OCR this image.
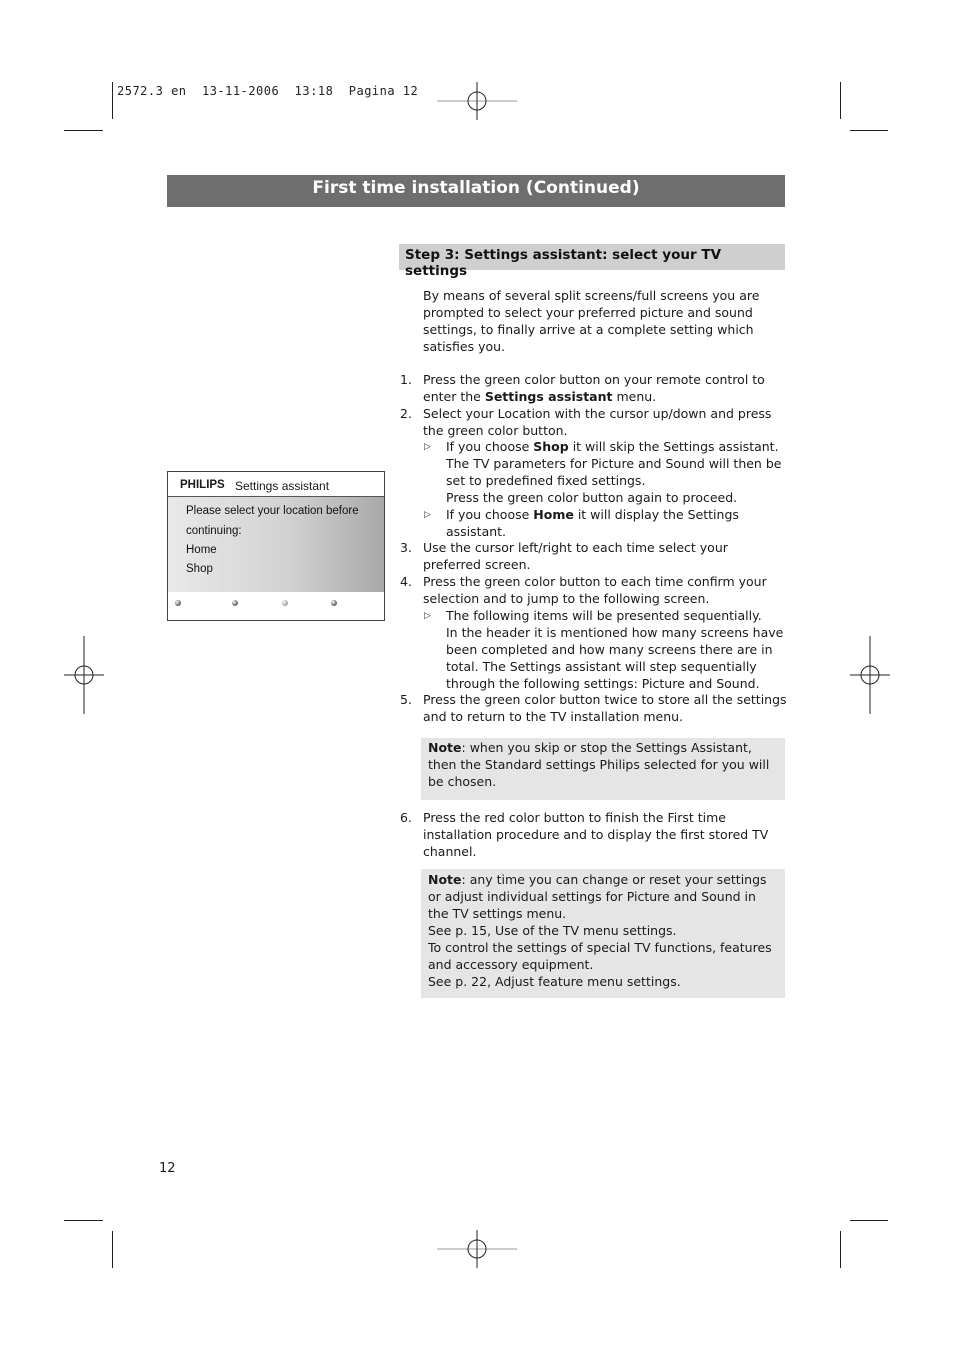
2572.3 en  13-11-2006  13:18  Pagina 12
First time installation (Continued)
Step 3: Settings assistant: select your TV settings
By means of several split screens/full screens you are prompted to select your preferred picture and sound settings, to finally arrive at a complete setting which satisfies you.
1. Press the green color button on your remote control to enter the Settings assistant menu.
2. Select your Location with the cursor up/down and press the green color button.
▷ If you choose Shop it will skip the Settings assistant. The TV parameters for Picture and Sound will then be set to predefined fixed settings.
Press the green color button again to proceed.
▷ If you choose Home it will display the Settings assistant.
3. Use the cursor left/right to each time select your preferred screen.
4. Press the green color button to each time confirm your selection and to jump to the following screen.
▷ The following items will be presented sequentially.
In the header it is mentioned how many screens have been completed and how many screens there are in total. The Settings assistant will step sequentially through the following settings: Picture and Sound.
5. Press the green color button twice to store all the settings and to return to the TV installation menu.
Note: when you skip or stop the Settings Assistant, then the Standard settings Philips selected for you will be chosen.
6. Press the red color button to finish the First time installation procedure and to display the first stored TV channel.
Note: any time you can change or reset your settings or adjust individual settings for Picture and Sound in the TV settings menu.
See p. 15, Use of the TV menu settings.
To control the settings of special TV functions, features and accessory equipment.
See p. 22, Adjust feature menu settings.
PHILIPS Settings assistant
Please select your location before
continuing:
Home
Shop
12
